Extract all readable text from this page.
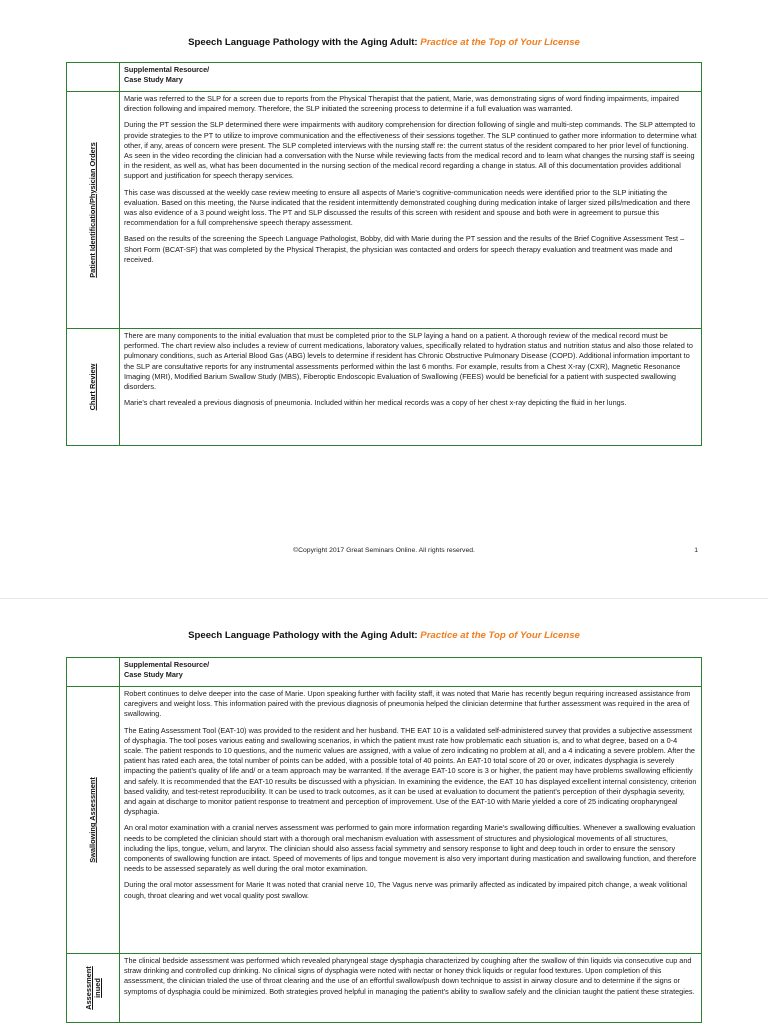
Speech Language Pathology with the Aging Adult: Practice at the Top of Your License

	Supplemental Resource/
Case Study Mary

Patient Identification/Physician Orders	Marie was referred to the SLP for a screen due to reports from the Physical Therapist that the patient, Marie, was demonstrating signs of word finding impairments, impaired direction following and impaired memory. Therefore, the SLP initiated the screening process to determine if a full evaluation was warranted.

During the PT session the SLP determined there were impairments with auditory comprehension for direction following of single and multi-step commands. The SLP attempted to provide strategies to the PT to utilize to improve communication and the effectiveness of their sessions together. The SLP continued to gather more information to determine what other, if any, areas of concern were present. The SLP completed interviews with the nursing staff re: the current status of the resident compared to her prior level of functioning. As seen in the video recording the clinician had a conversation with the Nurse while reviewing facts from the medical record and to learn what changes the nursing staff is seeing in the resident, as well as, what has been documented in the nursing section of the medical record regarding a change in status. All of this documentation provides additional support and justification for speech therapy services.

This case was discussed at the weekly case review meeting to ensure all aspects of Marie’s cognitive-communication needs were identified prior to the SLP initiating the evaluation. Based on this meeting, the Nurse indicated that the resident intermittently demonstrated coughing during medication intake of larger sized pills/medication and there was also evidence of a 3 pound weight loss. The PT and SLP discussed the results of this screen with resident and spouse and both were in agreement to pursue this recommendation for a full comprehensive speech therapy assessment.

Based on the results of the screening the Speech Language Pathologist, Bobby, did with Marie during the PT session and the results of the Brief Cognitive Assessment Test – Short Form (BCAT-SF) that was completed by the Physical Therapist, the physician was contacted and orders for speech therapy evaluation and treatment was made and received.

Chart Review	There are many components to the initial evaluation that must be completed prior to the SLP laying a hand on a patient. A thorough review of the medical record must be performed. The chart review also includes a review of current medications, laboratory values, specifically related to hydration status and nutrition status and also those related to pulmonary conditions, such as Arterial Blood Gas (ABG) levels to determine if resident has Chronic Obstructive Pulmonary Disease (COPD). Additional information important to the SLP are consultative reports for any instrumental assessments performed within the last 6 months. For example, results from a Chest X-ray (CXR), Magnetic Resonance Imaging (MRI), Modified Barium Swallow Study (MBS), Fiberoptic Endoscopic Evaluation of Swallowing (FEES) would be beneficial for a patient with suspected swallowing disorders.

Marie’s chart revealed a previous diagnosis of pneumonia. Included within her medical records was a copy of her chest x-ray depicting the fluid in her lungs.

©Copyright 2017 Great Seminars Online. All rights reserved.	1
Speech Language Pathology with the Aging Adult: Practice at the Top of Your License

	Supplemental Resource/
Case Study Mary

Swallowing Assessment	Robert continues to delve deeper into the case of Marie. Upon speaking further with facility staff, it was noted that Marie has recently begun requiring increased assistance from caregivers and weight loss. This information paired with the previous diagnosis of pneumonia helped the clinician determine that further assessment was required in the area of swallowing.

The Eating Assessment Tool (EAT-10) was provided to the resident and her husband. THE EAT 10 is a validated self-administered survey that provides a subjective assessment of dysphagia. The tool poses various eating and swallowing scenarios, in which the patient must rate how problematic each situation is, and to what degree, based on a 0-4 scale. The patient responds to 10 questions, and the numeric values are assigned, with a value of zero indicating no problem at all, and a 4 indicating a severe problem. After the patient has rated each area, the total number of points can be added, with a possible total of 40 points. An EAT-10 total score of 20 or over, indicates dysphagia is severely impacting the patient’s quality of life and/ or a team approach may be warranted. If the average EAT-10 score is 3 or higher, the patient may have problems swallowing efficiently and safely. It is recommended that the EAT-10 results be discussed with a physician. In examining the evidence, the EAT 10 has displayed excellent internal consistency, criterion based validity, and test-retest reproducibility. It can be used to track outcomes, as it can be used at evaluation to document the patient’s perception of their dysphagia severity, and again at discharge to monitor patient response to treatment and perception of improvement. Use of the EAT-10 with Marie yielded a core of 25 indicating oropharyngeal dysphagia.

An oral motor examination with a cranial nerves assessment was performed to gain more information regarding Marie’s swallowing difficulties. Whenever a swallowing evaluation needs to be completed the clinician should start with a thorough oral mechanism evaluation with assessment of structures and physiological movements of all structures, including the lips, tongue, velum, and larynx. The clinician should also assess facial symmetry and sensory response to light and deep touch in order to ensure the sensory components of swallowing function are intact. Speed of movements of lips and tongue movement is also very important during mastication and swallowing function, and therefore needs to be assessed separately as well during the oral motor examination.

During the oral motor assessment for Marie It was noted that cranial nerve 10, The Vagus nerve was primarily affected as indicated by impaired pitch change, a weak volitional cough, throat clearing and wet vocal quality post swallow.

Assessment
inued	The clinical bedside assessment was performed which revealed pharyngeal stage dysphagia characterized by coughing after the swallow of thin liquids via consecutive cup and straw drinking and controlled cup drinking. No clinical signs of dysphagia were noted with nectar or honey thick liquids or regular food textures. Upon completion of this assessment, the clinician trialed the use of throat clearing and the use of an effortful swallow/push down technique to assist in airway closure and to determine if the signs or symptoms of dysphagia could be minimized. Both strategies proved helpful in managing the patient’s ability to swallow safely and the clinician taught the patient these strategies.
